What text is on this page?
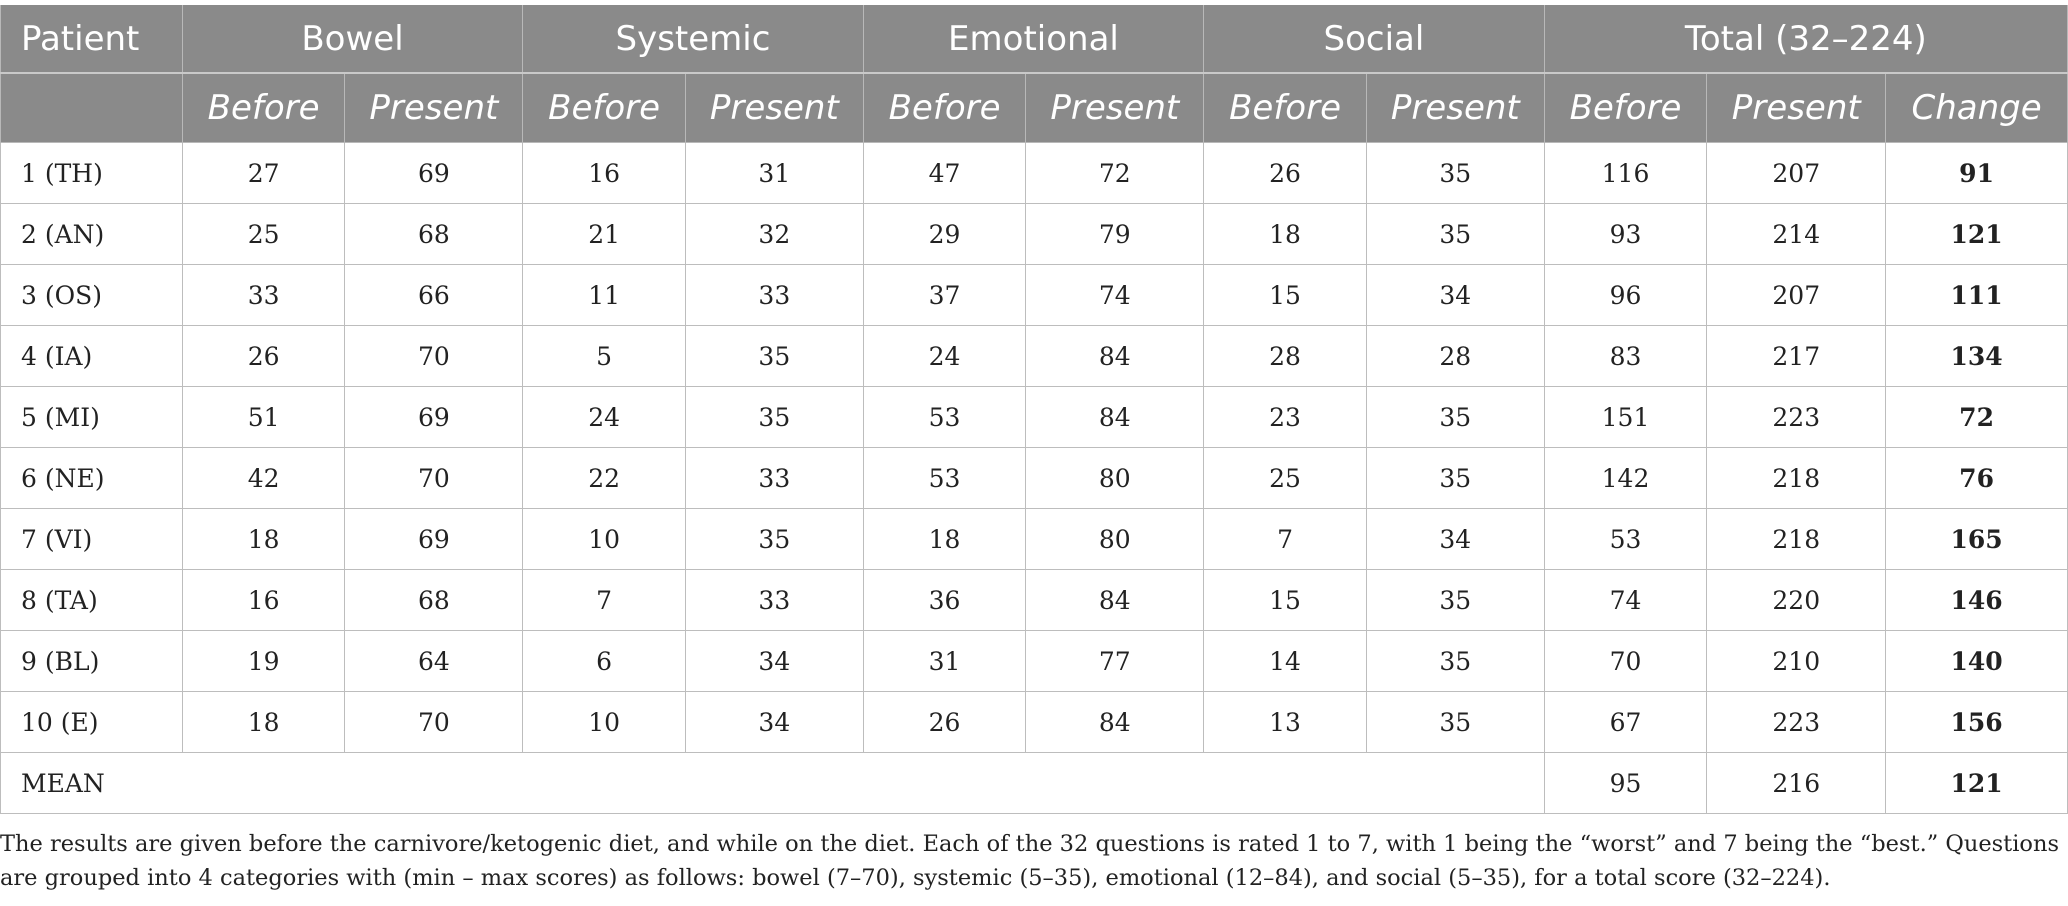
Patient	Bowel		Systemic		Emotional		Social		Total (32–224)		
	Before	Present	Before	Present	Before	Present	Before	Present	Before	Present	Change
1 (TH)	27	69	16	31	47	72	26	35	116	207	91
2 (AN)	25	68	21	32	29	79	18	35	93	214	121
3 (OS)	33	66	11	33	37	74	15	34	96	207	111
4 (IA)	26	70	5	35	24	84	28	28	83	217	134
5 (MI)	51	69	24	35	53	84	23	35	151	223	72
6 (NE)	42	70	22	33	53	80	25	35	142	218	76
7 (VI)	18	69	10	35	18	80	7	34	53	218	165
8 (TA)	16	68	7	33	36	84	15	35	74	220	146
9 (BL)	19	64	6	34	31	77	14	35	70	210	140
10 (E)	18	70	10	34	26	84	13	35	67	223	156
MEAN									95	216	121
The results are given before the carnivore/ketogenic diet, and while on the diet. Each of the 32 questions is rated 1 to 7, with 1 being the “worst” and 7 being the “best.” Questions are grouped into 4 categories with (min – max scores) as follows: bowel (7–70), systemic (5–35), emotional (12–84), and social (5–35), for a total score (32–224).
